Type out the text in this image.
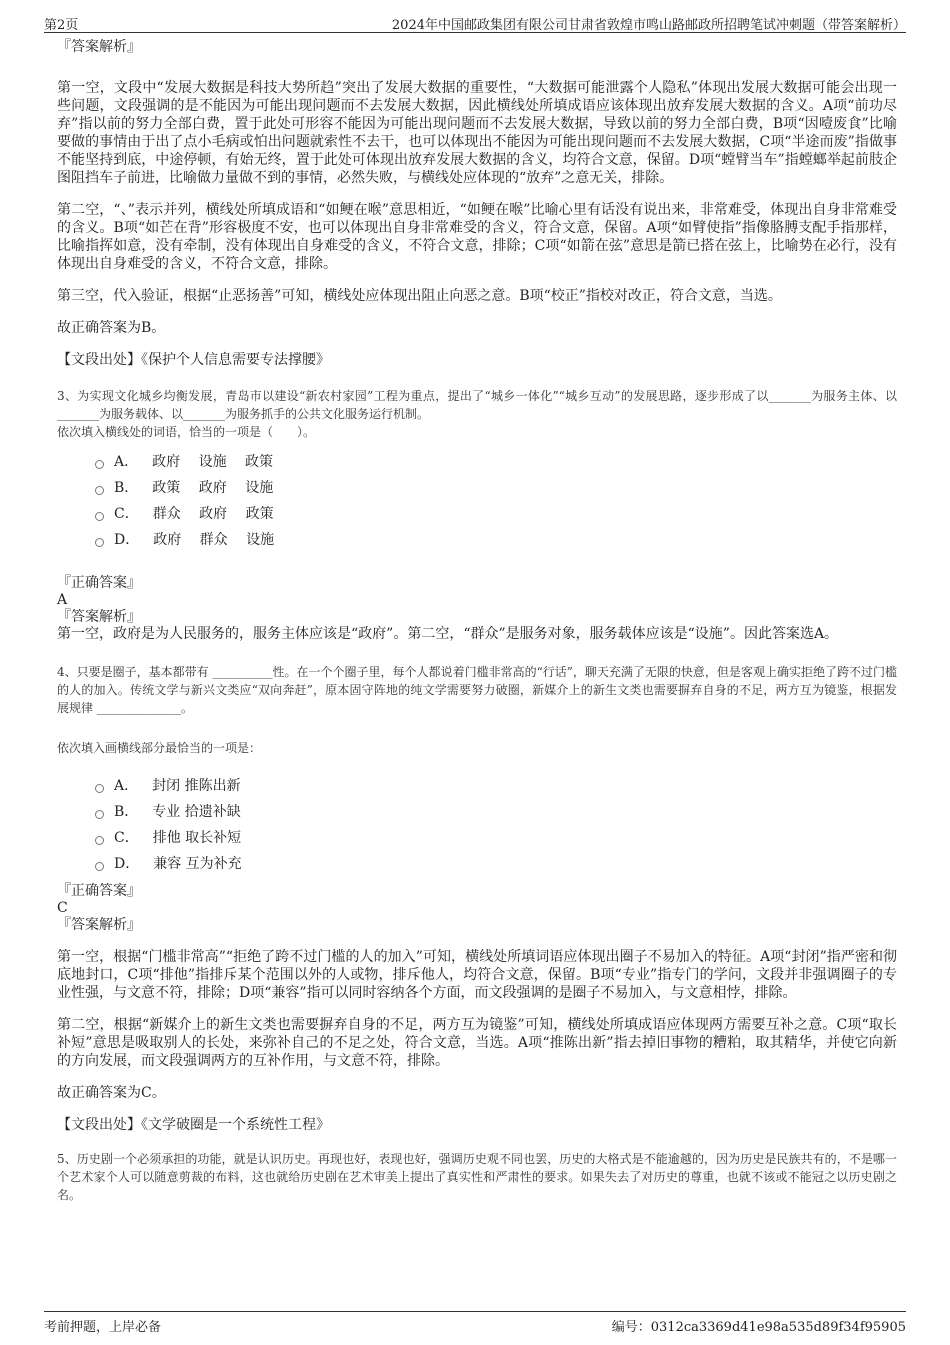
第2页	2024年中国邮政集团有限公司甘肃省敦煌市鸣山路邮政所招聘笔试冲刺题（带答案解析）

『答案解析』

第一空，文段中“发展大数据是科技大势所趋”突出了发展大数据的重要性，“大数据可能泄露个人隐私”体现出发展大数据可能会出现一些问题，文段强调的是不能因为可能出现问题而不去发展大数据，因此横线处所填成语应该体现出放弃发展大数据的含义。A项“前功尽弃”指以前的努力全部白费，置于此处可形容不能因为可能出现问题而不去发展大数据，导致以前的努力全部白费，B项“因噎废食”比喻要做的事情由于出了点小毛病或怕出问题就索性不去干，也可以体现出不能因为可能出现问题而不去发展大数据，C项“半途而废”指做事不能坚持到底，中途停顿，有始无终，置于此处可体现出放弃发展大数据的含义，均符合文意，保留。D项“螳臂当车”指螳螂举起前肢企图阻挡车子前进，比喻做力量做不到的事情，必然失败，与横线处应体现的“放弃”之意无关，排除。

第二空，“、”表示并列，横线处所填成语和“如鲠在喉”意思相近，“如鲠在喉”比喻心里有话没有说出来，非常难受，体现出自身非常难受的含义。B项“如芒在背”形容极度不安，也可以体现出自身非常难受的含义，符合文意，保留。A项“如臂使指”指像胳膊支配手指那样，比喻指挥如意，没有牵制，没有体现出自身难受的含义，不符合文意，排除；C项“如箭在弦”意思是箭已搭在弦上，比喻势在必行，没有体现出自身难受的含义，不符合文意，排除。

第三空，代入验证，根据“止恶扬善”可知，横线处应体现出阻止向恶之意。B项“校正”指校对改正，符合文意，当选。

故正确答案为B。

【文段出处】《保护个人信息需要专法撑腰》

3、为实现文化城乡均衡发展，青岛市以建设“新农村家园”工程为重点，提出了“城乡一体化”“城乡互动”的发展思路，逐步形成了以_______为服务主体、以_______为服务载体、以_______为服务抓手的公共文化服务运行机制。

依次填入横线处的词语，恰当的一项是（　　）。

A． 政府　 设施　 政策
B． 政策　 政府　 设施
C． 群众　 政府　 政策
D． 政府　 群众　 设施

『正确答案』

A

『答案解析』

第一空，政府是为人民服务的，服务主体应该是“政府”。第二空，“群众”是服务对象，服务载体应该是“设施”。因此答案选A。

4、只要是圈子，基本都带有 __________性。在一个个圈子里，每个人都说着门槛非常高的“行话”，聊天充满了无限的快意，但是客观上确实拒绝了跨不过门槛的人的加入。传统文学与新兴文类应“双向奔赶”，原本固守阵地的纯文学需要努力破圈，新媒介上的新生文类也需要摒弃自身的不足，两方互为镜鉴，根据发展规律 ______________。

依次填入画横线部分最恰当的一项是：

A． 封闭 推陈出新
B． 专业 拾遗补缺
C． 排他 取长补短
D． 兼容 互为补充

『正确答案』

C

『答案解析』

第一空，根据“门槛非常高”“拒绝了跨不过门槛的人的加入”可知，横线处所填词语应体现出圈子不易加入的特征。A项“封闭”指严密和彻底地封口，C项“排他”指排斥某个范围以外的人或物，排斥他人，均符合文意，保留。B项“专业”指专门的学问，文段并非强调圈子的专业性强，与文意不符，排除；D项“兼容”指可以同时容纳各个方面，而文段强调的是圈子不易加入，与文意相悖，排除。

第二空，根据“新媒介上的新生文类也需要摒弃自身的不足，两方互为镜鉴”可知，横线处所填成语应体现两方需要互补之意。C项“取长补短”意思是吸取别人的长处，来弥补自己的不足之处，符合文意，当选。A项“推陈出新”指去掉旧事物的糟粕，取其精华，并使它向新的方向发展，而文段强调两方的互补作用，与文意不符，排除。

故正确答案为C。

【文段出处】《文学破圈是一个系统性工程》

5、历史剧一个必须承担的功能，就是认识历史。再现也好，表现也好，强调历史观不同也罢，历史的大格式是不能逾越的，因为历史是民族共有的，不是哪一个艺术家个人可以随意剪裁的布料，这也就给历史剧在艺术审美上提出了真实性和严肃性的要求。如果失去了对历史的尊重，也就不该或不能冠之以历史剧之名。

考前押题，上岸必备	编号：0312ca3369d41e98a535d89f34f95905
